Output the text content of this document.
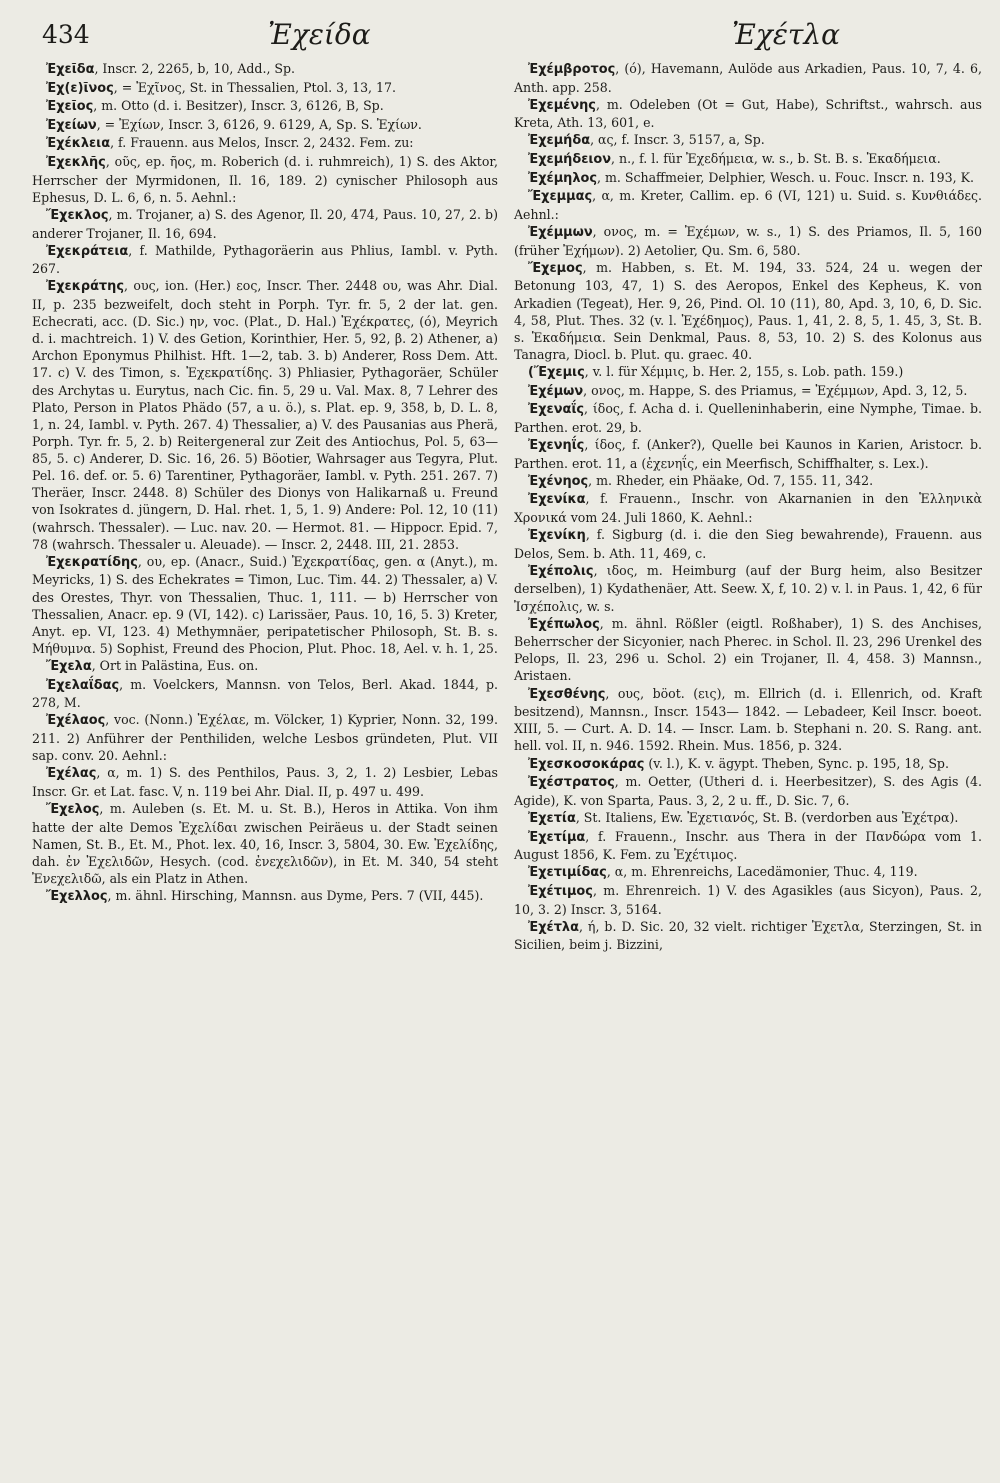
434	Ἐχείδα	Ἐχέτλα

Ἐχεῖδα, Inscr. 2, 2265, b, 10, Add., Sp.

Ἐχ(ε)ῖνος, = Ἐχῖνος, St. in Thessalien, Ptol. 3, 13, 17.

Ἐχεῖος, m. Otto (d. i. Besitzer), Inscr. 3, 6126, B, Sp.

Ἐχείων, = Ἐχίων, Inscr. 3, 6126, 9. 6129, A, Sp. S. Ἐχίων.

Ἐχέκλεια, f. Frauenn. aus Melos, Inscr. 2, 2432. Fem. zu:

Ἐχεκλῆς, οῦς, ep. ῆος, m. Roberich (d. i. ruhmreich), 1) S. des Aktor, Herrscher der Myrmidonen, Il. 16, 189. 2) cynischer Philosoph aus Ephesus, D. L. 6, 6, n. 5. Aehnl.:

Ἔχεκλος, m. Trojaner, a) S. des Agenor, Il. 20, 474, Paus. 10, 27, 2. b) anderer Trojaner, Il. 16, 694.

Ἐχεκράτεια, f. Mathilde, Pythagoräerin aus Phlius, Iambl. v. Pyth. 267.

Ἐχεκράτης, ους, ion. (Her.) εος, Inscr. Ther. 2448 ου, was Ahr. Dial. II, p. 235 bezweifelt, doch steht in Porph. Tyr. fr. 5, 2 der lat. gen. Echecrati, acc. (D. Sic.) ην, voc. (Plat., D. Hal.) Ἐχέκρατες, (ό), Meyrich d. i. machtreich. 1) V. des Getion, Korinthier, Her. 5, 92, β. 2) Athener, a) Archon Eponymus Philhist. Hft. 1—2, tab. 3. b) Anderer, Ross Dem. Att. 17. c) V. des Timon, s. Ἐχεκρατίδης. 3) Phliasier, Pythagoräer, Schüler des Archytas u. Eurytus, nach Cic. fin. 5, 29 u. Val. Max. 8, 7 Lehrer des Plato, Person in Platos Phädo (57, a u. ö.), s. Plat. ep. 9, 358, b, D. L. 8, 1, n. 24, Iambl. v. Pyth. 267. 4) Thessalier, a) V. des Pausanias aus Pherä, Porph. Tyr. fr. 5, 2. b) Reitergeneral zur Zeit des Antiochus, Pol. 5, 63—85, 5. c) Anderer, D. Sic. 16, 26. 5) Böotier, Wahrsager aus Tegyra, Plut. Pel. 16. def. or. 5. 6) Tarentiner, Pythagoräer, Iambl. v. Pyth. 251. 267. 7) Theräer, Inscr. 2448. 8) Schüler des Dionys von Halikarnaß u. Freund von Isokrates d. jüngern, D. Hal. rhet. 1, 5, 1. 9) Andere: Pol. 12, 10 (11) (wahrsch. Thessaler). — Luc. nav. 20. — Hermot. 81. — Hippocr. Epid. 7, 78 (wahrsch. Thessaler u. Aleuade). — Inscr. 2, 2448. III, 21. 2853.

Ἐχεκρατίδης, ου, ep. (Anacr., Suid.) Ἐχεκρατίδας, gen. α (Anyt.), m. Meyricks, 1) S. des Echekrates = Timon, Luc. Tim. 44. 2) Thessaler, a) V. des Orestes, Thyr. von Thessalien, Thuc. 1, 111. — b) Herrscher von Thessalien, Anacr. ep. 9 (VI, 142). c) Larissäer, Paus. 10, 16, 5. 3) Kreter, Anyt. ep. VI, 123. 4) Methymnäer, peripatetischer Philosoph, St. B. s. Μήθυμνα. 5) Sophist, Freund des Phocion, Plut. Phoc. 18, Ael. v. h. 1, 25.

Ἔχελα, Ort in Palästina, Eus. on.

Ἐχελαΐδας, m. Voelckers, Mannsn. von Telos, Berl. Akad. 1844, p. 278, M.

Ἐχέλαος, voc. (Nonn.) Ἐχέλαε, m. Völcker, 1) Kyprier, Nonn. 32, 199. 211. 2) Anführer der Penthiliden, welche Lesbos gründeten, Plut. VII sap. conv. 20. Aehnl.:

Ἐχέλας, α, m. 1) S. des Penthilos, Paus. 3, 2, 1. 2) Lesbier, Lebas Inscr. Gr. et Lat. fasc. V, n. 119 bei Ahr. Dial. II, p. 497 u. 499.

Ἔχελος, m. Auleben (s. Et. M. u. St. B.), Heros in Attika. Von ihm hatte der alte Demos Ἐχελίδαι zwischen Peiräeus u. der Stadt seinen Namen, St. B., Et. M., Phot. lex. 40, 16, Inscr. 3, 5804, 30. Ew. Ἐχελίδης, dah. ἐν Ἐχελιδῶν, Hesych. (cod. ἐνεχελιδῶν), in Et. M. 340, 54 steht Ἐνεχελιδῶ, als ein Platz in Athen.

Ἔχελλος, m. ähnl. Hirsching, Mannsn. aus Dyme, Pers. 7 (VII, 445).

Ἐχέμβροτος, (ό), Havemann, Aulöde aus Arkadien, Paus. 10, 7, 4. 6, Anth. app. 258.

Ἐχεμένης, m. Odeleben (Ot = Gut, Habe), Schriftst., wahrsch. aus Kreta, Ath. 13, 601, e.

Ἐχεμήδα, ας, f. Inscr. 3, 5157, a, Sp.

Ἐχεμήδειον, n., f. l. für Ἐχεδήμεια, w. s., b. St. B. s. Ἑκαδήμεια.

Ἐχέμηλος, m. Schaffmeier, Delphier, Wesch. u. Fouc. Inscr. n. 193, K.

Ἔχεμμας, α, m. Kreter, Callim. ep. 6 (VI, 121) u. Suid. s. Κυνθιάδες. Aehnl.:

Ἐχέμμων, ονος, m. = Ἐχέμων, w. s., 1) S. des Priamos, Il. 5, 160 (früher Ἐχήμων). 2) Aetolier, Qu. Sm. 6, 580.

Ἔχεμος, m. Habben, s. Et. M. 194, 33. 524, 24 u. wegen der Betonung 103, 47, 1) S. des Aeropos, Enkel des Kepheus, K. von Arkadien (Tegeat), Her. 9, 26, Pind. Ol. 10 (11), 80, Apd. 3, 10, 6, D. Sic. 4, 58, Plut. Thes. 32 (v. l. Ἐχέδημος), Paus. 1, 41, 2. 8, 5, 1. 45, 3, St. B. s. Ἑκαδήμεια. Sein Denkmal, Paus. 8, 53, 10. 2) S. des Kolonus aus Tanagra, Diocl. b. Plut. qu. graec. 40.

(Ἔχεμις, v. l. für Χέμμις, b. Her. 2, 155, s. Lob. path. 159.)

Ἐχέμων, ονος, m. Happe, S. des Priamus, = Ἐχέμμων, Apd. 3, 12, 5.

Ἐχεναΐς, ίδος, f. Acha d. i. Quelleninhaberin, eine Nymphe, Timae. b. Parthen. erot. 29, b.

Ἐχενηΐς, ίδος, f. (Anker?), Quelle bei Kaunos in Karien, Aristocr. b. Parthen. erot. 11, a (ἐχενηΐς, ein Meerfisch, Schiffhalter, s. Lex.).

Ἐχένηος, m. Rheder, ein Phäake, Od. 7, 155. 11, 342.

Ἐχενίκα, f. Frauenn., Inschr. von Akarnanien in den Ἑλληνικὰ Χρονικά vom 24. Juli 1860, K. Aehnl.:

Ἐχενίκη, f. Sigburg (d. i. die den Sieg bewahrende), Frauenn. aus Delos, Sem. b. Ath. 11, 469, c.

Ἐχέπολις, ιδος, m. Heimburg (auf der Burg heim, also Besitzer derselben), 1) Kydathenäer, Att. Seew. X, f, 10. 2) v. l. in Paus. 1, 42, 6 für Ἰσχέπολις, w. s.

Ἐχέπωλος, m. ähnl. Rößler (eigtl. Roßhaber), 1) S. des Anchises, Beherrscher der Sicyonier, nach Pherec. in Schol. Il. 23, 296 Urenkel des Pelops, Il. 23, 296 u. Schol. 2) ein Trojaner, Il. 4, 458. 3) Mannsn., Aristaen.

Ἐχεσθένης, ους, böot. (εις), m. Ellrich (d. i. Ellenrich, od. Kraft besitzend), Mannsn., Inscr. 1543— 1842. — Lebadeer, Keil Inscr. boeot. XIII, 5. — Curt. A. D. 14. — Inscr. Lam. b. Stephani n. 20. S. Rang. ant. hell. vol. II, n. 946. 1592. Rhein. Mus. 1856, p. 324.

Ἐχεσκοσοκάρας (v. l.), K. v. ägypt. Theben, Sync. p. 195, 18, Sp.

Ἐχέστρατος, m. Oetter, (Utheri d. i. Heerbesitzer), S. des Agis (4. Agide), K. von Sparta, Paus. 3, 2, 2 u. ff., D. Sic. 7, 6.

Ἐχετία, St. Italiens, Ew. Ἐχετιανός, St. B. (verdorben aus Ἐχέτρα).

Ἐχετίμα, f. Frauenn., Inschr. aus Thera in der Πανδώρα vom 1. August 1856, K. Fem. zu Ἐχέτιμος.

Ἐχετιμίδας, α, m. Ehrenreichs, Lacedämonier, Thuc. 4, 119.

Ἐχέτιμος, m. Ehrenreich. 1) V. des Agasikles (aus Sicyon), Paus. 2, 10, 3. 2) Inscr. 3, 5164.

Ἐχέτλα, ή, b. D. Sic. 20, 32 vielt. richtiger Ἐχετλα, Sterzingen, St. in Sicilien, beim j. Bizzini,
